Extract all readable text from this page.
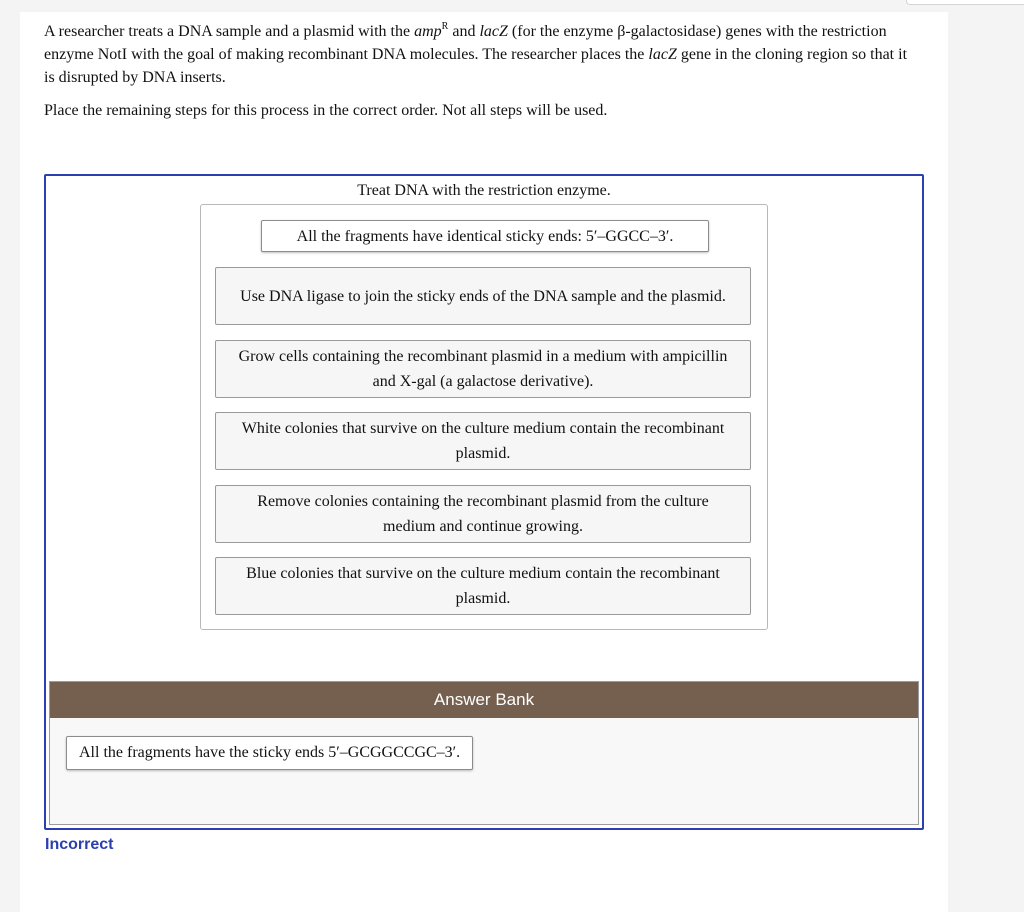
A researcher treats a DNA sample and a plasmid with the amp$^R$ and lacZ (for the enzyme β-galactosidase) genes with the restriction enzyme NotI with the goal of making recombinant DNA molecules. The researcher places the lacZ gene in the cloning region so that it is disrupted by DNA inserts.

Place the remaining steps for this process in the correct order. Not all steps will be used.

Treat DNA with the restriction enzyme.
All the fragments have identical sticky ends: 5′–GGCC–3′.
Use DNA ligase to join the sticky ends of the DNA sample and the plasmid.
Grow cells containing the recombinant plasmid in a medium with ampicillin and X-gal (a galactose derivative).
White colonies that survive on the culture medium contain the recombinant plasmid.
Remove colonies containing the recombinant plasmid from the culture medium and continue growing.
Blue colonies that survive on the culture medium contain the recombinant plasmid.
Answer Bank
All the fragments have the sticky ends 5′–GCGGCCGC–3′.
Incorrect
